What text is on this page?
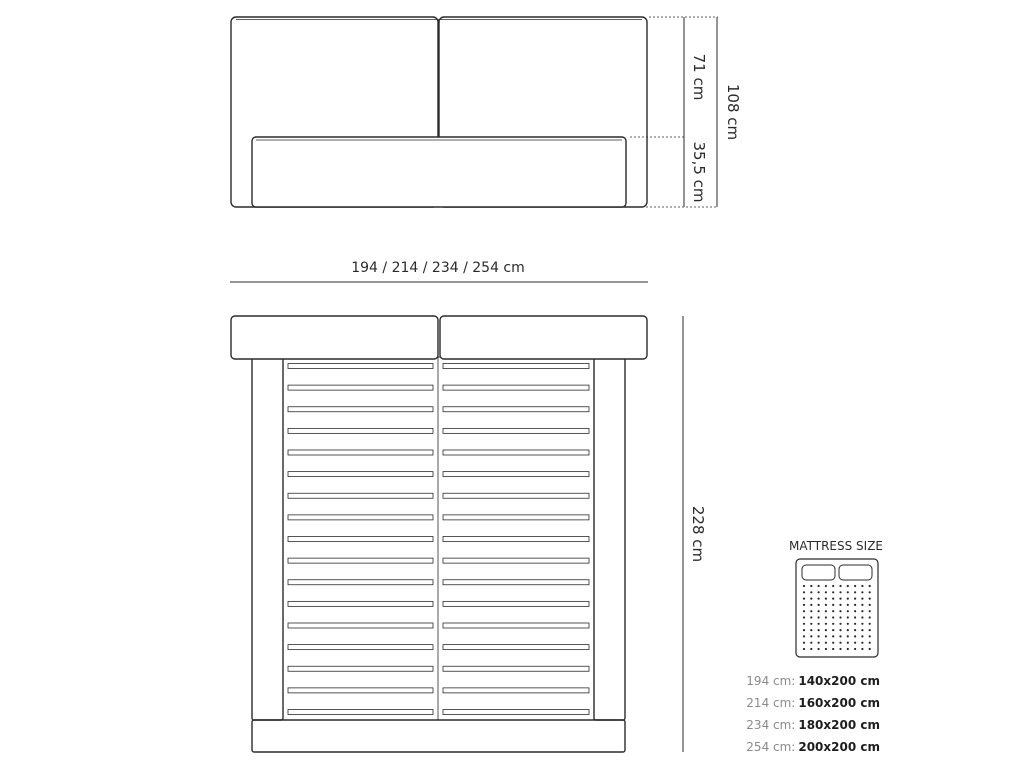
71 cm
35,5 cm
108 cm
194 / 214 / 234 / 254 cm
228 cm	MATTRESS SIZE
194 cm: 140x200 cm
214 cm: 160x200 cm
234 cm: 180x200 cm
254 cm: 200x200 cm
